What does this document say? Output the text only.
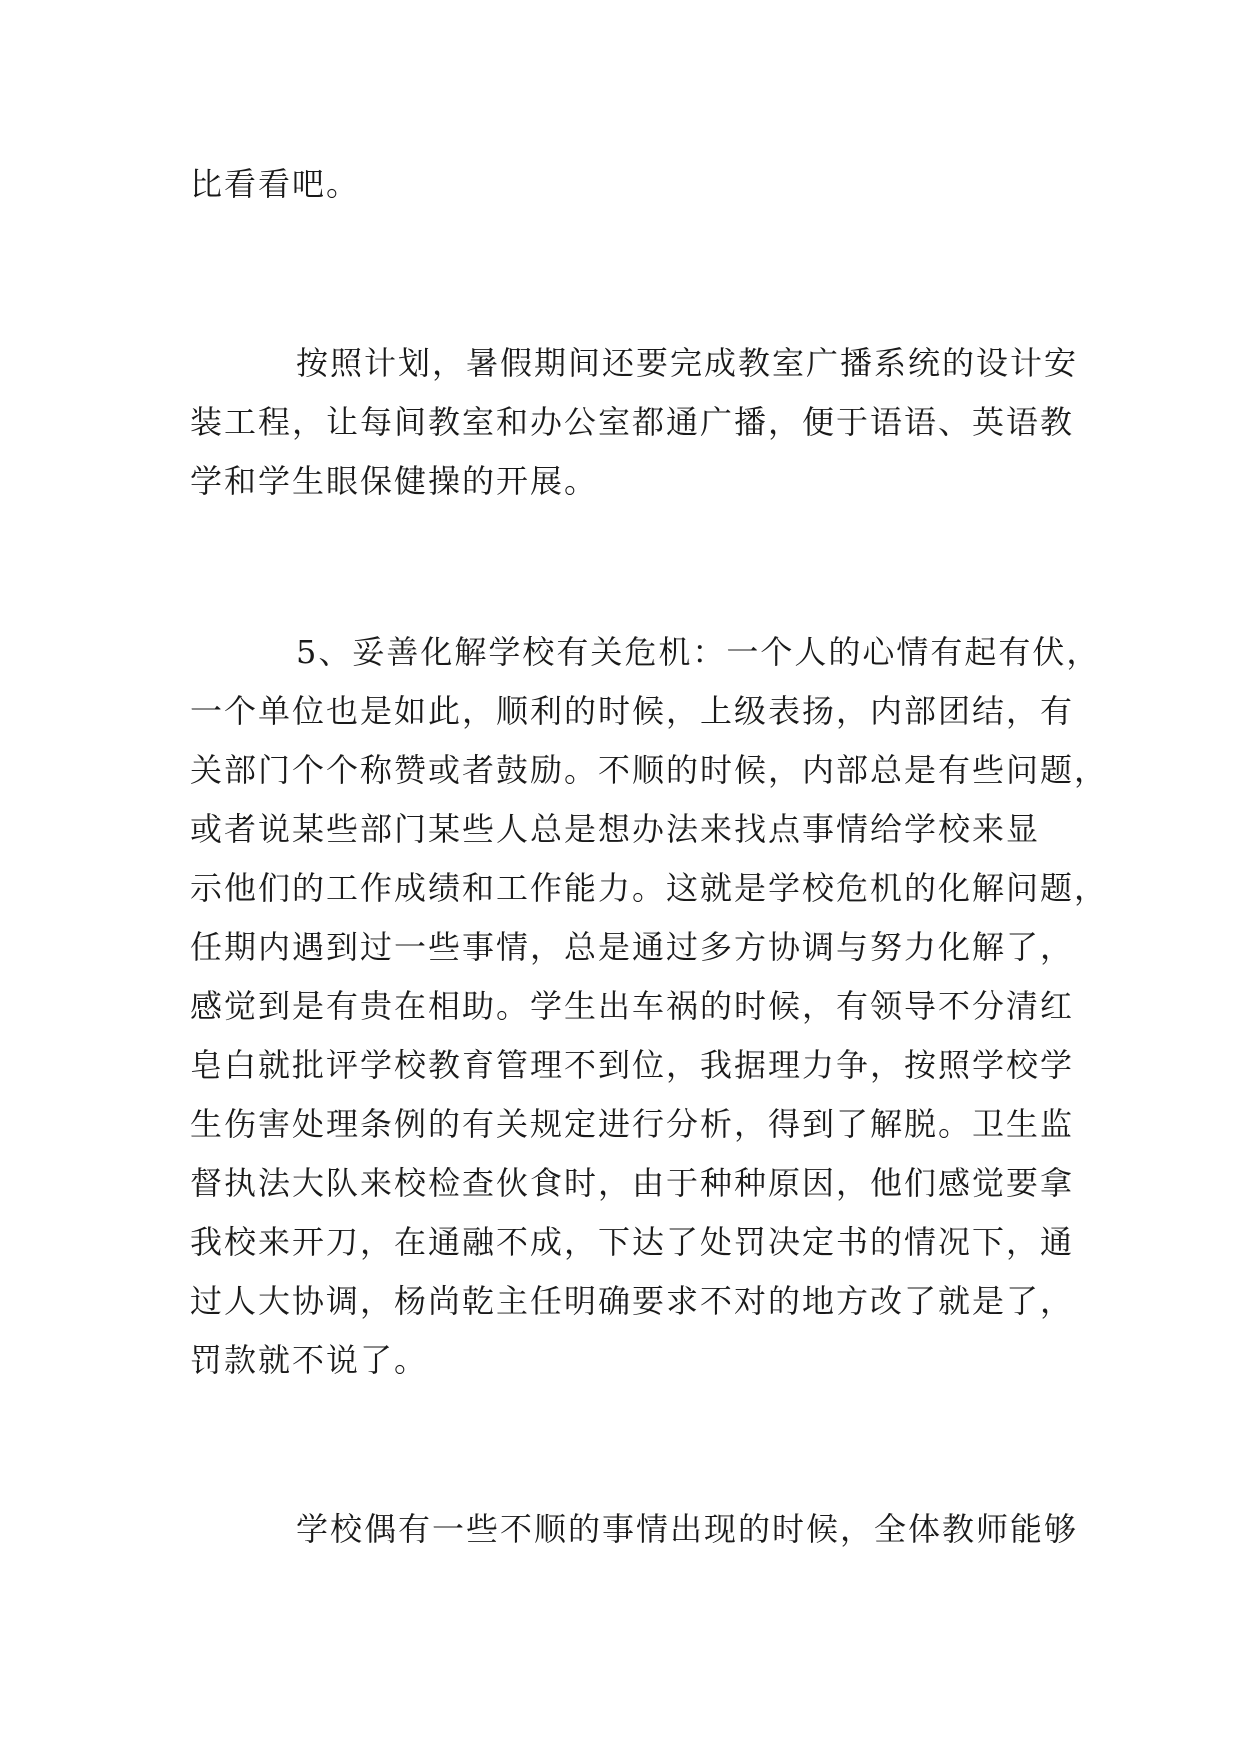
比看看吧。
按照计划，暑假期间还要完成教室广播系统的设计安
装工程，让每间教室和办公室都通广播，便于语语、英语教
学和学生眼保健操的开展。
5、妥善化解学校有关危机：一个人的心情有起有伏，
一个单位也是如此，顺利的时候，上级表扬，内部团结，有
关部门个个称赞或者鼓励。不顺的时候，内部总是有些问题，
或者说某些部门某些人总是想办法来找点事情给学校来显
示他们的工作成绩和工作能力。这就是学校危机的化解问题，
任期内遇到过一些事情，总是通过多方协调与努力化解了，
感觉到是有贵在相助。学生出车祸的时候，有领导不分清红
皂白就批评学校教育管理不到位，我据理力争，按照学校学
生伤害处理条例的有关规定进行分析，得到了解脱。卫生监
督执法大队来校检查伙食时，由于种种原因，他们感觉要拿
我校来开刀，在通融不成，下达了处罚决定书的情况下，通
过人大协调，杨尚乾主任明确要求不对的地方改了就是了，
罚款就不说了。
学校偶有一些不顺的事情出现的时候，全体教师能够
